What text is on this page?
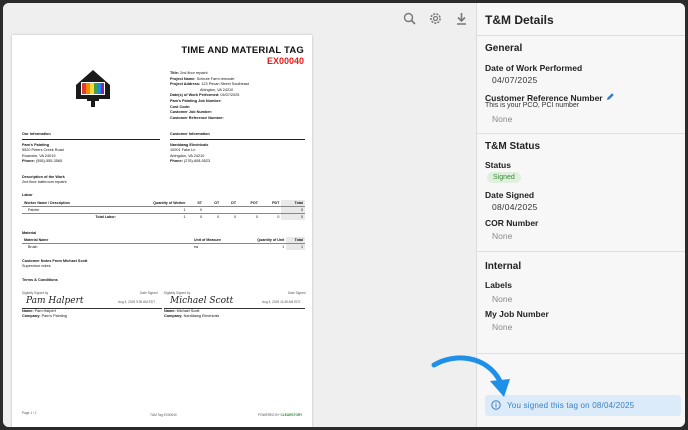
TIME AND MATERIAL TAG
EX00040
Title: 2nd floor repaint
Project Name: Schrute Farm remodel
Project Address: 123 Pecan Street Southeast
Abington, VA 24210
Date(s) of Work Performed: 04/07/2025
Pam's Painting Job Number:
Cost Code:
Customer Job Number:
Customer Reference Number:
Our Information	Customer Information
Pam's Painting
5520 Peters Creek Road
Roanoke, VA 24019
Phone: (555)-555-3565
Narddawg Electricals
10001 Fake Ln
Abingdon, VA 24210
Phone: (276)-608-5523
Description of the Work
2nd floor bathroom repaint
Labor
Worker Name / Description	Quantity of Worker	ST	OT	DT	POT	PDT	Total
Painter	1	0					0
Total Labor:	1	0	0	0	0	0	0
Material
Material Name	Unit of Measure	Quantity of Unit	Total
Brush	ea	1	1
Customer Notes From Michael Scott
Supervisor notes
Terms & Conditions
Digitally Signed by	Date Signed
Pam Halpert	Aug 4, 2025 9:35 AM EDT
Name: Pam Halpert
Company: Pam's Painting
Digitally Signed by	Date Signed
Michael Scott	Aug 4, 2025 11:45 AM EDT
Name: Michael Scott
Company: Narddawg Electricals
Page 1 / 1	T&M Tag EX00040	POWERED BY CLEARSTORY
T&M Details
General
Date of Work Performed
04/07/2025
Customer Reference Number
This is your PCO, PCI number
None
T&M Status
Status
Signed
Date Signed
08/04/2025
COR Number
None
Internal
Labels
None
My Job Number
None
You signed this tag on 08/04/2025
